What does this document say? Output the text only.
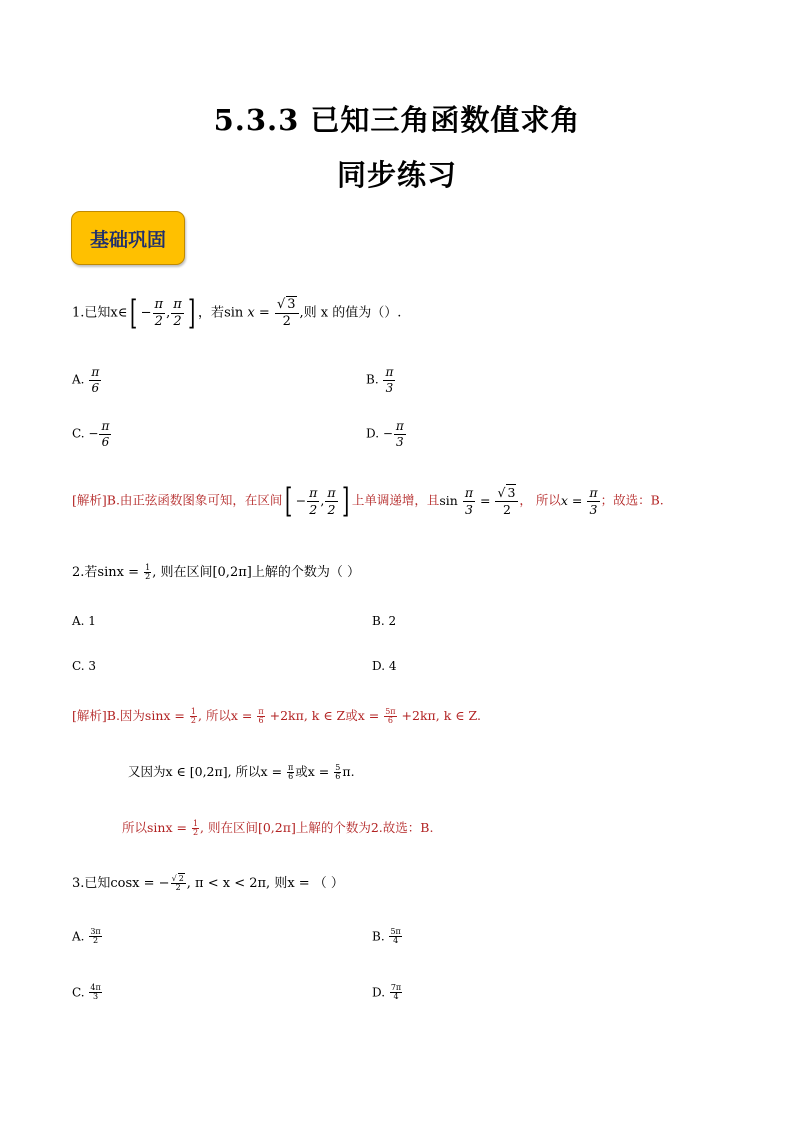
5.3.3 已知三角函数值求角
同步练习
基础巩固
1.已知x∈[ − $\frac{\pi}{2}$ , $\frac{\pi}{2}$ ] ，若$\sin x = \frac{√ 3}{2}$ ,则 x 的值为（）.
A. $\frac{\pi}{6}$	B. $\frac{\pi}{3}$
C. − $\frac{\pi}{6}$	D. − $\frac{\pi}{3}$
[解析]B.由正弦函数图象可知，在区间[ − $\frac{\pi}{2}$ , $\frac{\pi}{2}$ ] 上单调递增，且$\sin \frac{\pi}{3} = \frac{√ 3}{2}$ ， 所以$x = \frac{\pi}{3}$ ；故选：B.
2.若$\sin x = \frac{1}{2}$ , 则在区间[0,2π]上解的个数为（ ）
A. 1	B. 2
C. 3	D. 4
[解析]B.因为$\sin x = \frac{1}{2}$ , 所以$x = \frac{\pi}{6} +2k\pi$, k ∈ Z或$x = \frac{5\pi}{6} +2k\pi$, k ∈ Z.
又因为x ∈ [0,2π], 所以$x = \frac{\pi}{6}$ 或$x = \frac{5}{6} \pi$.
所以$\sin x = \frac{1}{2}$ , 则在区间[0,2π]上解的个数为2.故选：B.
3.已知cosx = − $\frac{√ 2}{2}$ , π < x < 2π, 则x = （ ）
A. $\frac{3\pi}{2}$	B. $\frac{5\pi}{4}$
C. $\frac{4\pi}{3}$	D. $\frac{7\pi}{4}$
